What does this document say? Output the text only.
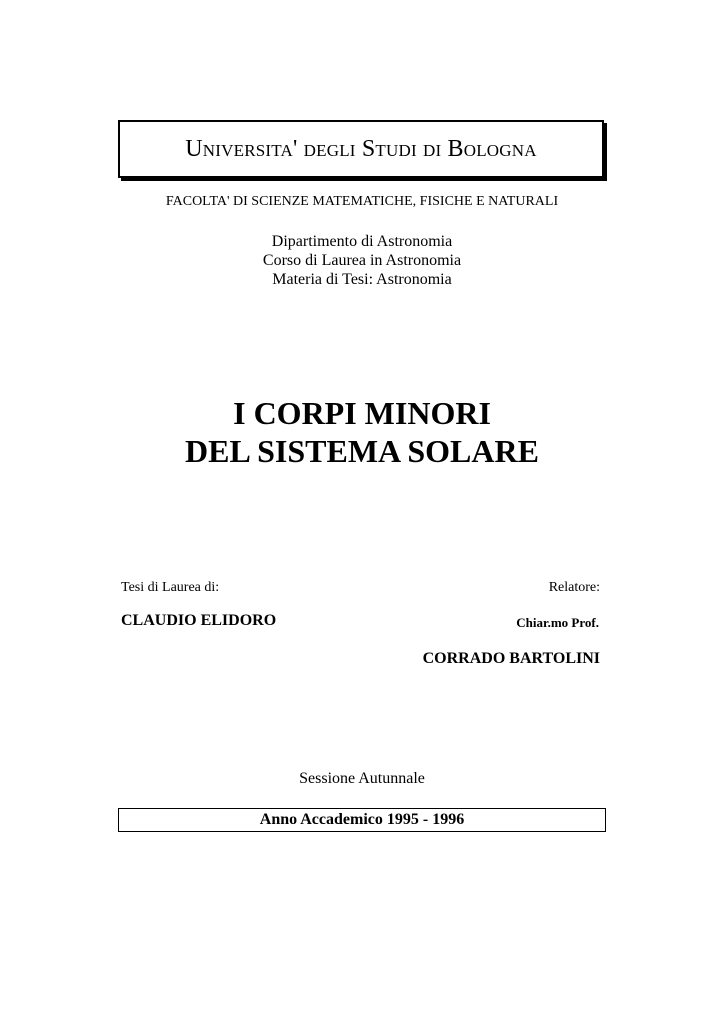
Universita' degli Studi di Bologna
FACOLTA' DI SCIENZE MATEMATICHE, FISICHE E NATURALI
Dipartimento di Astronomia
Corso di Laurea in Astronomia
Materia di Tesi: Astronomia
I CORPI MINORI
DEL SISTEMA SOLARE
Tesi di Laurea di:	Relatore:
CLAUDIO ELIDORO	Chiar.mo Prof.
CORRADO BARTOLINI
Sessione Autunnale
Anno Accademico 1995 - 1996
